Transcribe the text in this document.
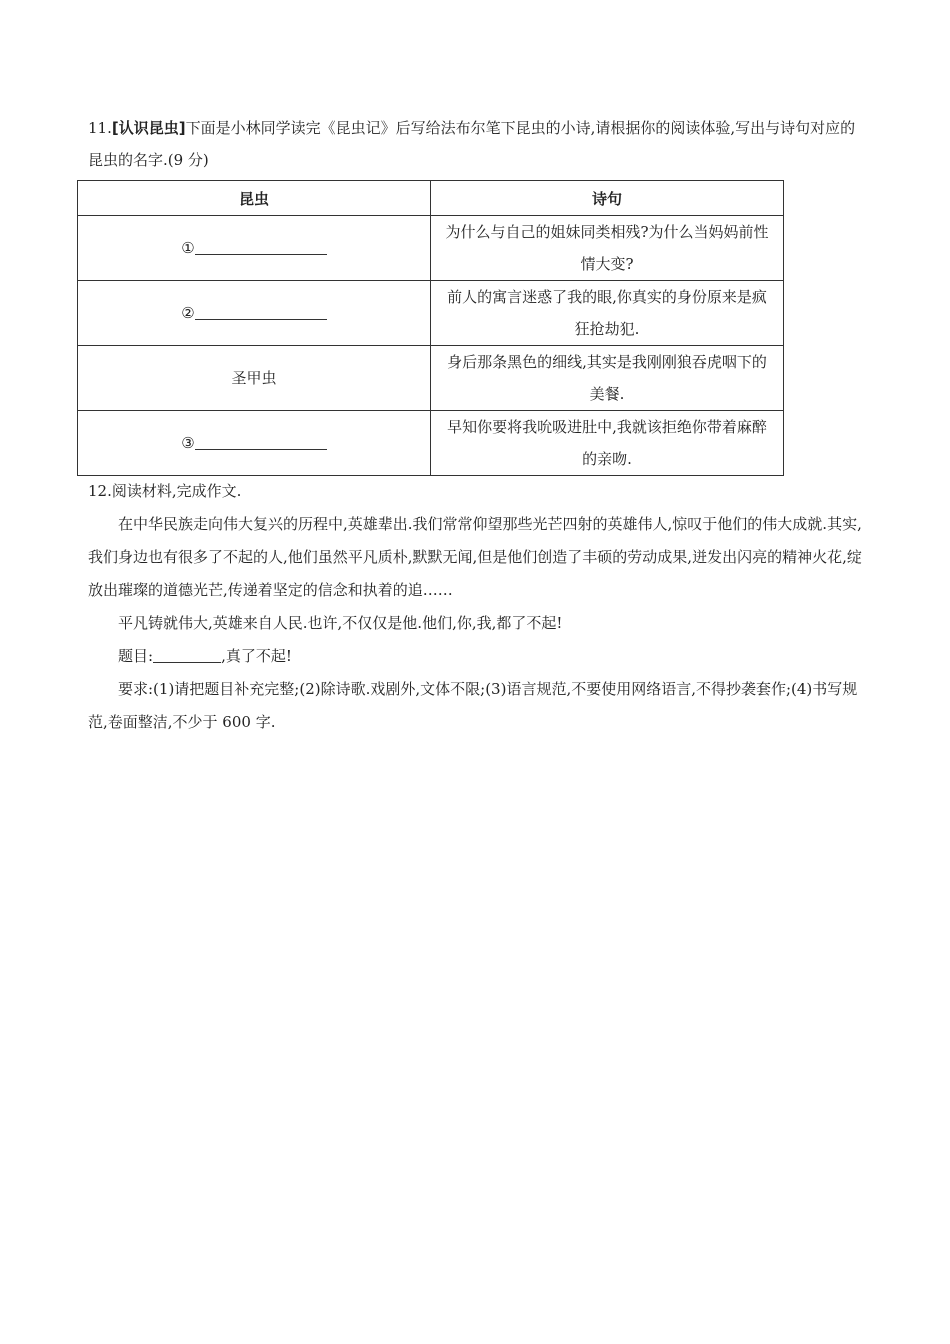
11.[认识昆虫]下面是小林同学读完《昆虫记》后写给法布尔笔下昆虫的小诗,请根据你的阅读体验,写出与诗句对应的昆虫的名字.(9 分)
昆虫	诗句
①	为什么与自己的姐妹同类相残?为什么当妈妈前性情大变?
②	前人的寓言迷惑了我的眼,你真实的身份原来是疯狂抢劫犯.
圣甲虫	身后那条黑色的细线,其实是我刚刚狼吞虎咽下的美餐.
③	早知你要将我吮吸进肚中,我就该拒绝你带着麻醉的亲吻.

12.阅读材料,完成作文.

在中华民族走向伟大复兴的历程中,英雄辈出.我们常常仰望那些光芒四射的英雄伟人,惊叹于他们的伟大成就.其实,我们身边也有很多了不起的人,他们虽然平凡质朴,默默无闻,但是他们创造了丰硕的劳动成果,迸发出闪亮的精神火花,绽放出璀璨的道德光芒,传递着坚定的信念和执着的追……

平凡铸就伟大,英雄来自人民.也许,不仅仅是他.他们,你,我,都了不起!

题目:	,真了不起!

要求:(1)请把题目补充完整;(2)除诗歌.戏剧外,文体不限;(3)语言规范,不要使用网络语言,不得抄袭套作;(4)书写规范,卷面整洁,不少于 600 字.
